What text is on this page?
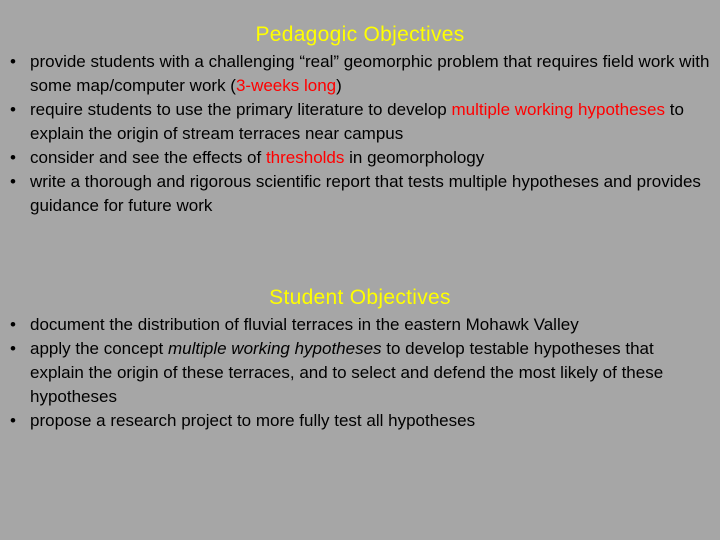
Pedagogic Objectives
• provide students with a challenging “real” geomorphic problem that requires field work with some map/computer work (3-weeks long)
• require students to use the primary literature to develop multiple working hypotheses to explain the origin of stream terraces near campus
• consider and see the effects of thresholds in geomorphology
• write a thorough and rigorous scientific report that tests multiple hypotheses and provides guidance for future work
Student Objectives
• document the distribution of fluvial terraces in the eastern Mohawk Valley
• apply the concept multiple working hypotheses to develop testable hypotheses that explain the origin of these terraces, and to select and defend the most likely of these hypotheses
• propose a research project to more fully test all hypotheses
